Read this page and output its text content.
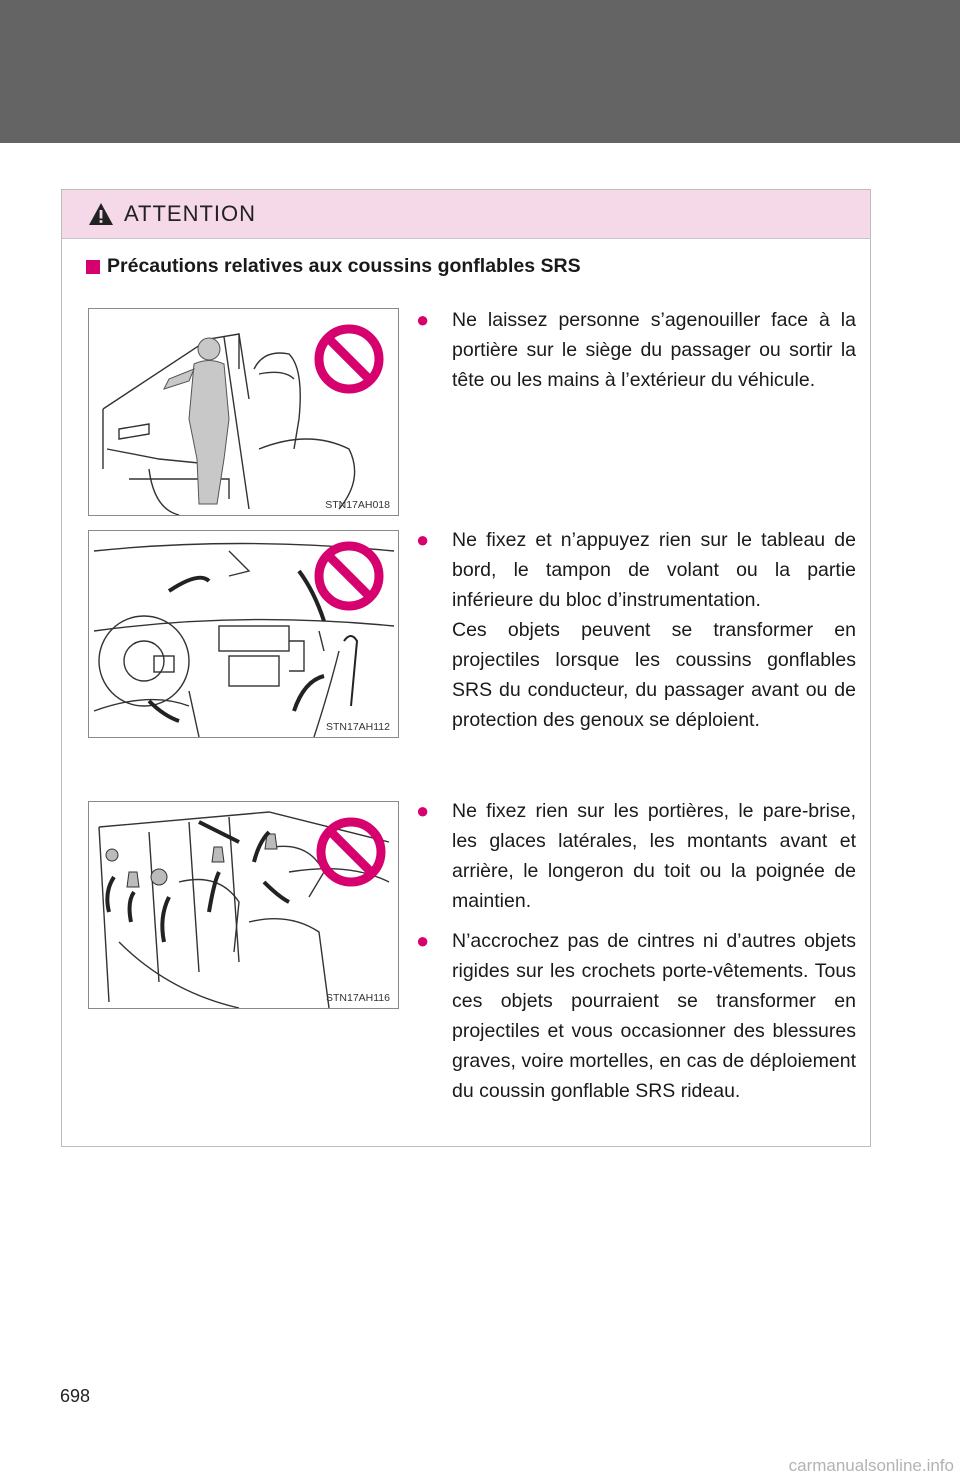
ATTENTION
Précautions relatives aux coussins gonflables SRS
STN17AH018
STN17AH112
STN17AH116
● Ne laissez personne s’agenouiller face à la portière sur le siège du passager ou sortir la tête ou les mains à l’extérieur du véhicule.

● Ne fixez et n’appuyez rien sur le tableau de bord, le tampon de volant ou la partie inférieure du bloc d’instrumentation.

Ces objets peuvent se transformer en projectiles lorsque les coussins gonflables SRS du conducteur, du passager avant ou de protection des genoux se déploient.

● Ne fixez rien sur les portières, le pare-brise, les glaces latérales, les montants avant et arrière, le longeron du toit ou la poignée de maintien.

● N’accrochez pas de cintres ni d’autres objets rigides sur les crochets porte-vêtements. Tous ces objets pourraient se transformer en projectiles et vous occasionner des blessures graves, voire mortelles, en cas de déploiement du coussin gonflable SRS rideau.

698
carmanualsonline.info
